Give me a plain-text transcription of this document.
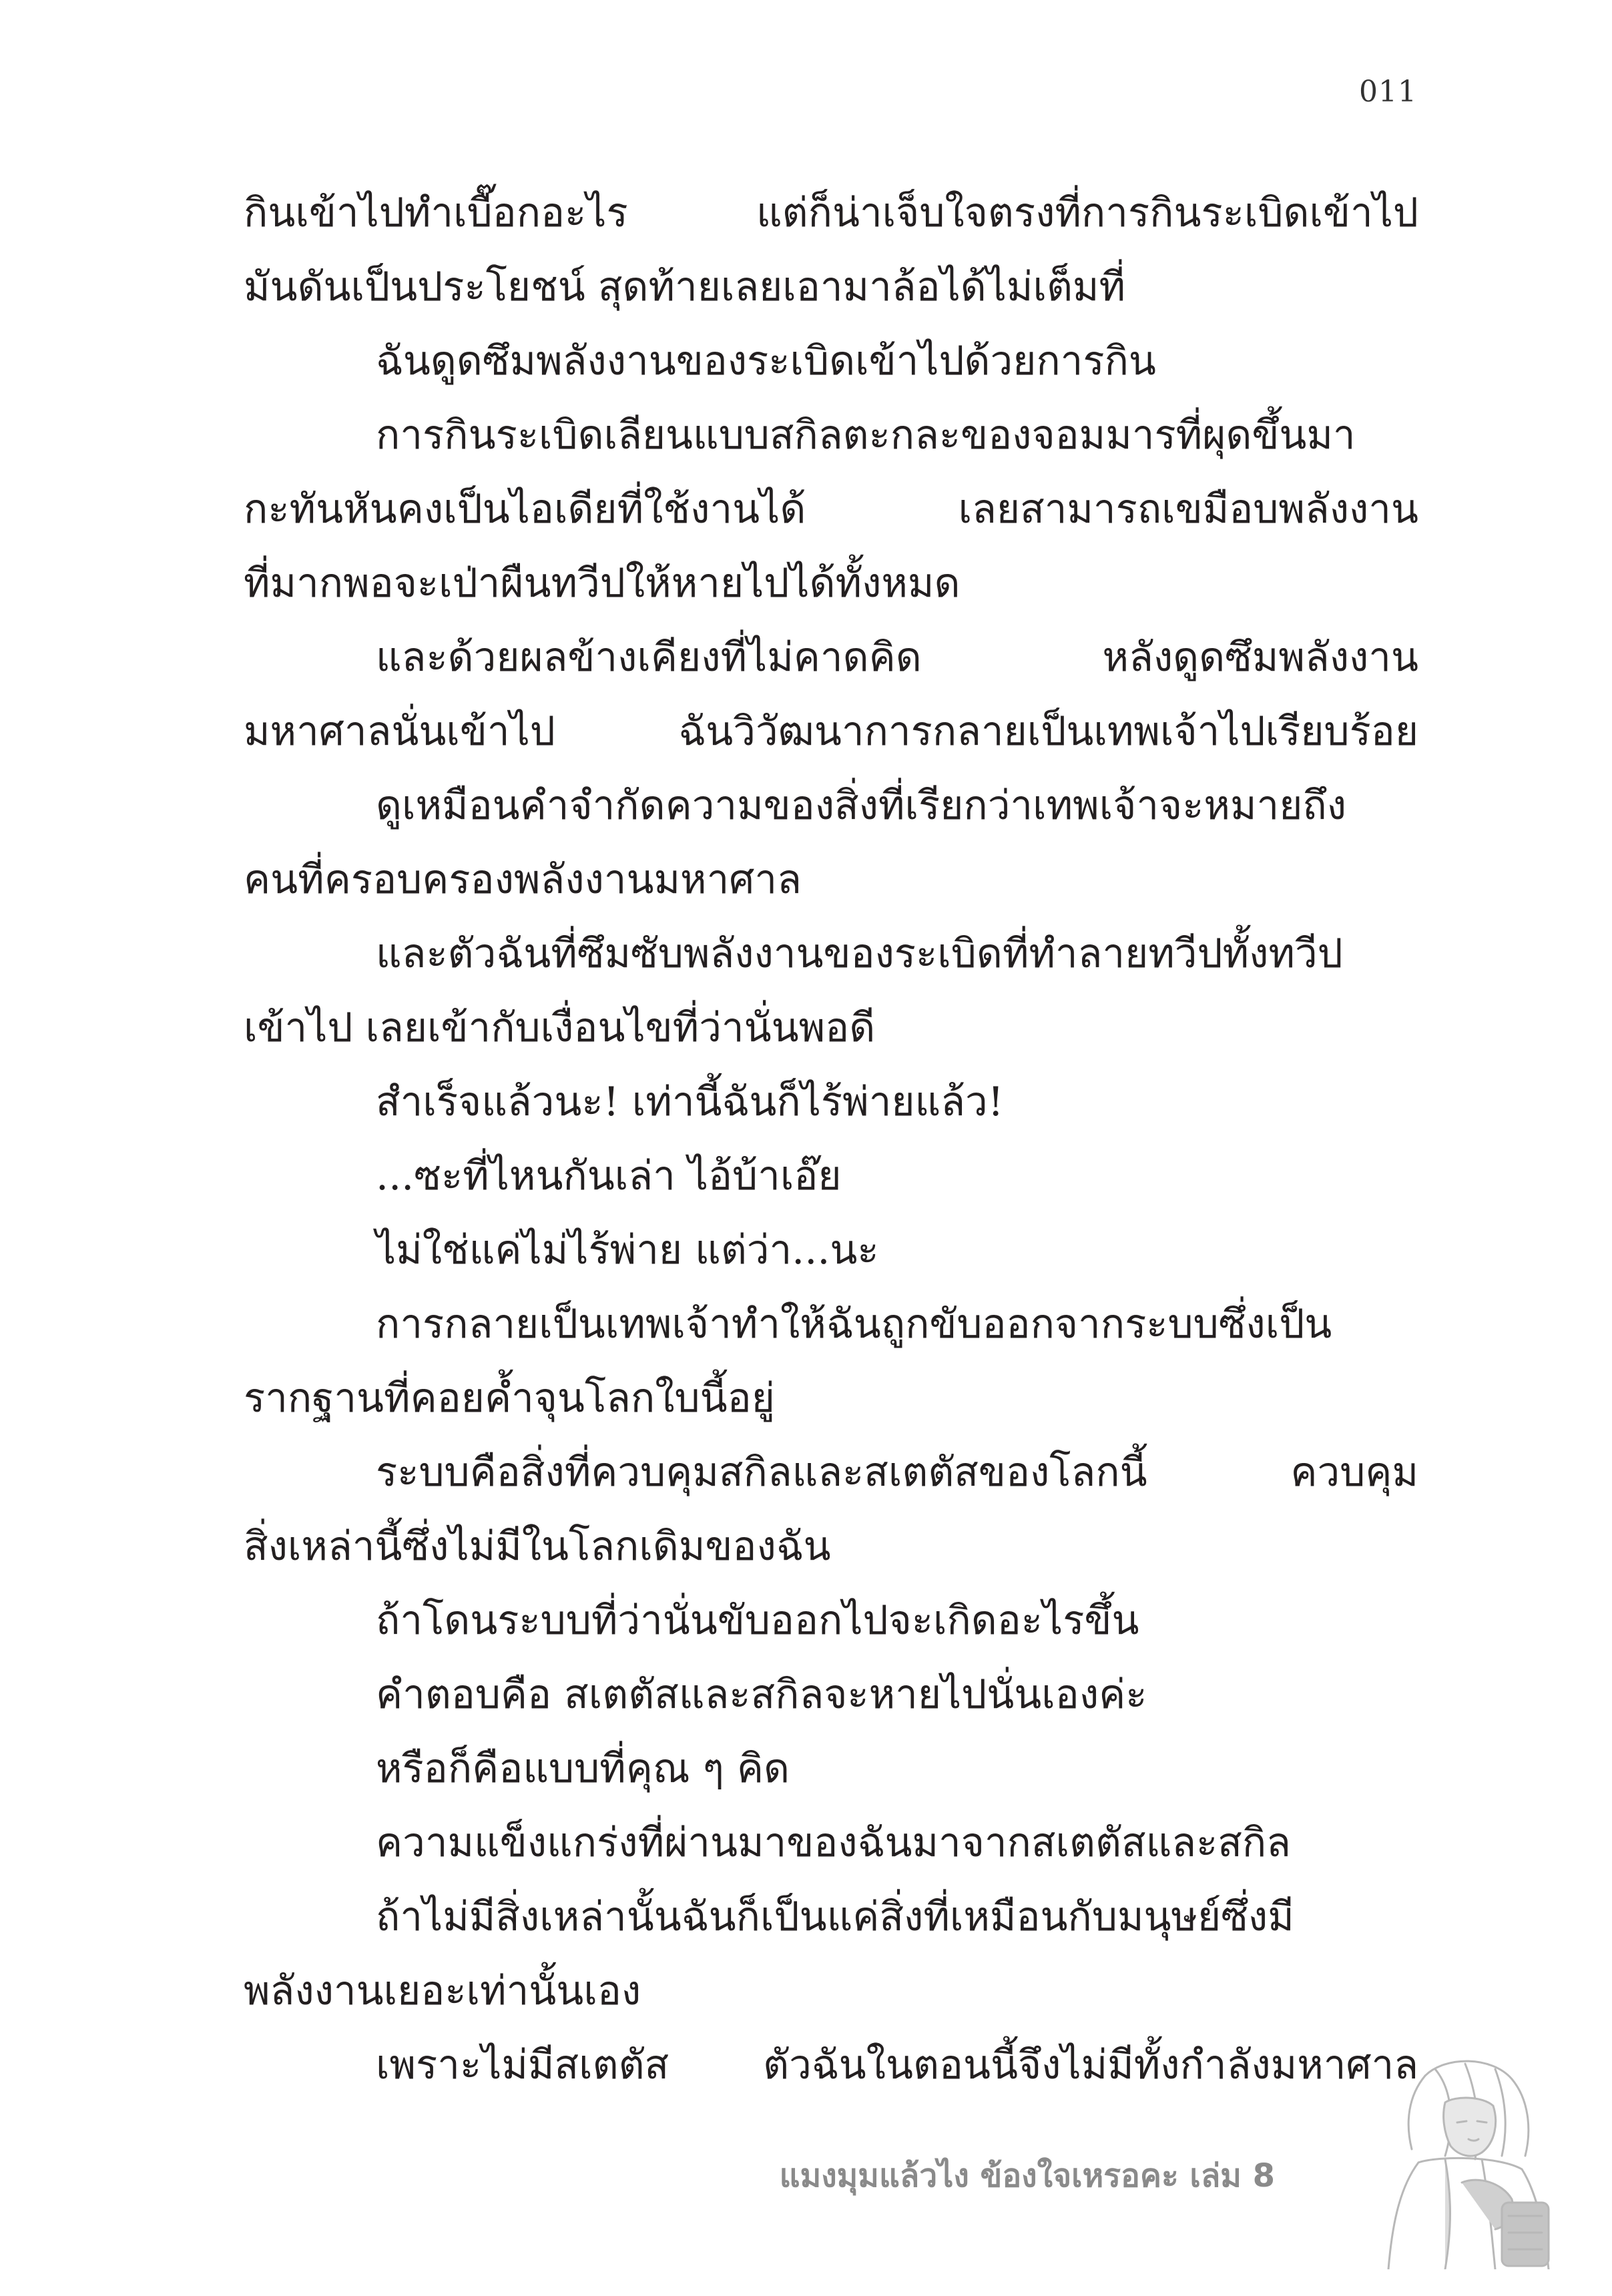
011
กินเข้าไปทำเบื๊อกอะไร แต่ก็น่าเจ็บใจตรงที่การกินระเบิดเข้าไป
มันดันเป็นประโยชน์ สุดท้ายเลยเอามาล้อได้ไม่เต็มที่
ฉันดูดซึมพลังงานของระเบิดเข้าไปด้วยการกิน
การกินระเบิดเลียนแบบสกิลตะกละของจอมมารที่ผุดขึ้นมา
กะทันหันคงเป็นไอเดียที่ใช้งานได้ เลยสามารถเขมือบพลังงาน
ที่มากพอจะเป่าผืนทวีปให้หายไปได้ทั้งหมด
และด้วยผลข้างเคียงที่ไม่คาดคิด หลังดูดซึมพลังงาน
มหาศาลนั่นเข้าไป ฉันวิวัฒนาการกลายเป็นเทพเจ้าไปเรียบร้อย
ดูเหมือนคำจำกัดความของสิ่งที่เรียกว่าเทพเจ้าจะหมายถึง
คนที่ครอบครองพลังงานมหาศาล
และตัวฉันที่ซึมซับพลังงานของระเบิดที่ทำลายทวีปทั้งทวีป
เข้าไป เลยเข้ากับเงื่อนไขที่ว่านั่นพอดี
สำเร็จแล้วนะ! เท่านี้ฉันก็ไร้พ่ายแล้ว!
...ซะที่ไหนกันเล่า ไอ้บ้าเอ๊ย
ไม่ใช่แค่ไม่ไร้พ่าย แต่ว่า...นะ
การกลายเป็นเทพเจ้าทำให้ฉันถูกขับออกจากระบบซึ่งเป็น
รากฐานที่คอยค้ำจุนโลกใบนี้อยู่
ระบบคือสิ่งที่ควบคุมสกิลและสเตตัสของโลกนี้ ควบคุม
สิ่งเหล่านี้ซึ่งไม่มีในโลกเดิมของฉัน
ถ้าโดนระบบที่ว่านั่นขับออกไปจะเกิดอะไรขึ้น
คำตอบคือ สเตตัสและสกิลจะหายไปนั่นเองค่ะ
หรือก็คือแบบที่คุณ ๆ คิด
ความแข็งแกร่งที่ผ่านมาของฉันมาจากสเตตัสและสกิล
ถ้าไม่มีสิ่งเหล่านั้นฉันก็เป็นแค่สิ่งที่เหมือนกับมนุษย์ซึ่งมี
พลังงานเยอะเท่านั้นเอง
เพราะไม่มีสเตตัส ตัวฉันในตอนนี้จึงไม่มีทั้งกำลังมหาศาล
แมงมุมแล้วไง ข้องใจเหรอคะ เล่ม 8
